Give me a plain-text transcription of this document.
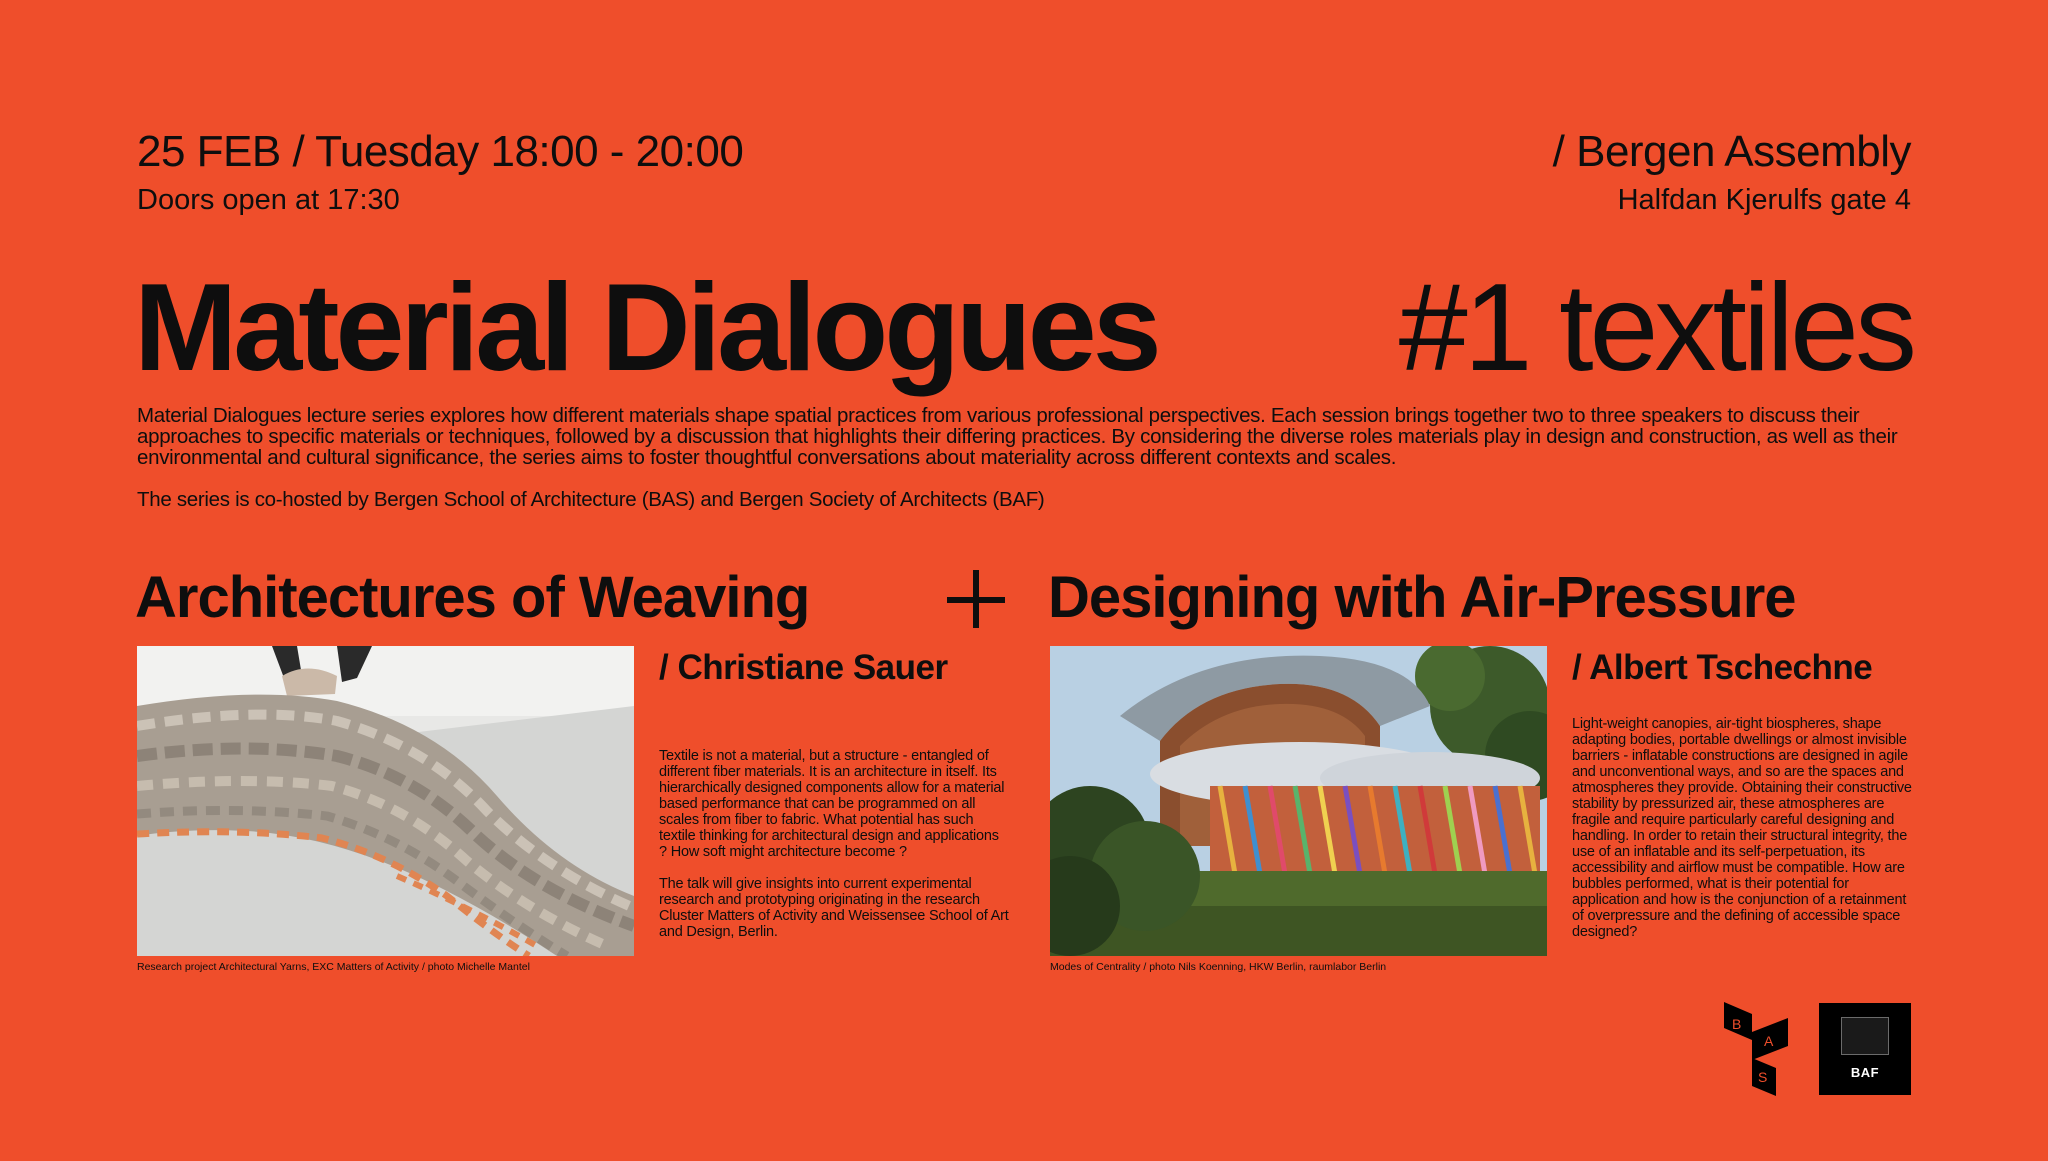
25 FEB / Tuesday 18:00 - 20:00
Doors open at 17:30
/ Bergen Assembly
Halfdan Kjerulfs gate 4
Material Dialogues #1 textiles
Material Dialogues lecture series explores how different materials shape spatial practices from various professional perspectives. Each session brings together two to three speakers to discuss their approaches to specific materials or techniques, followed by a discussion that highlights their differing practices. By considering the diverse roles materials play in design and construction, as well as their environmental and cultural significance, the series aims to foster thoughtful conversations about materiality across different contexts and scales.
The series is co-hosted by Bergen School of Architecture (BAS) and Bergen Society of Architects (BAF)
Architectures of Weaving	Designing with Air-Pressure
Research project Architectural Yarns, EXC Matters of Activity / photo Michelle Mantel	Modes of Centrality / photo Nils Koenning, HKW Berlin, raumlabor Berlin
/ Christiane Sauer	/ Albert Tschechne

Textile is not a material, but a structure - entangled of different fiber materials. It is an architecture in itself. Its hierarchically designed components allow for a material based performance that can be programmed on all scales from fiber to fabric. What potential has such textile thinking for architectural design and applications ? How soft might architecture become ?

The talk will give insights into current experimental research and prototyping originating in the research Cluster Matters of Activity and Weissensee School of Art and Design, Berlin.

Light-weight canopies, air-tight biospheres, shape adapting bodies, portable dwellings or almost invisible barriers - inflatable constructions are designed in agile and unconventional ways, and so are the spaces and atmospheres they provide. Obtaining their constructive stability by pressurized air, these atmospheres are fragile and require particularly careful designing and handling. In order to retain their structural integrity, the use of an inflatable and its self-perpetuation, its accessibility and airflow must be compatible. How are bubbles performed, what is their potential for application and how is the conjunction of a retainment of overpressure and the defining of accessible space designed?

B
A
S	BAF
